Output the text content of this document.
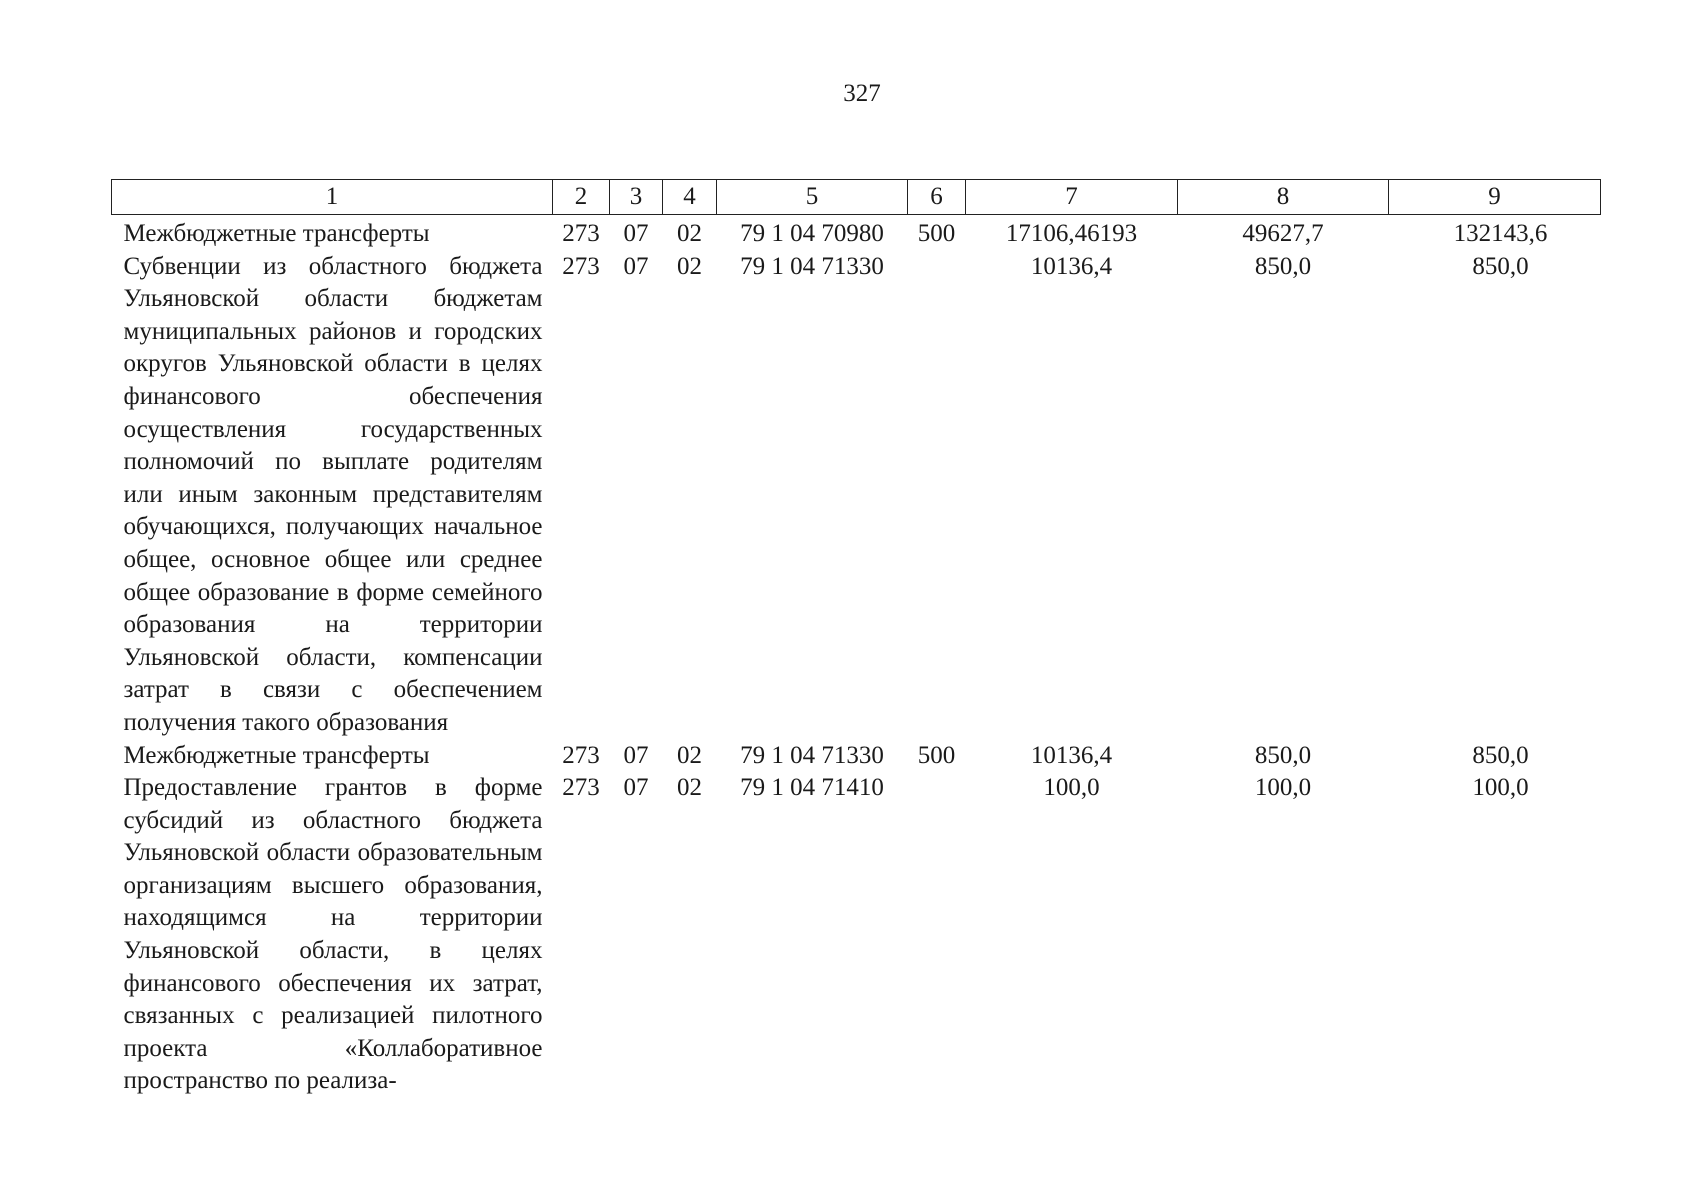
327
1	2	3	4	5	6	7	8	9
Межбюджетные трансферты	273	07	02	79 1 04 70980	500	17106,46193	49627,7	132143,6
Субвенции из областного бюджета Ульяновской области бюджетам муниципальных районов и городских округов Ульяновской области в целях финансового обеспечения осуществления государственных полномочий по выплате родителям или иным законным представителям обучающихся, получающих начальное общее, основное общее или среднее общее образование в форме семейного образования на территории Ульяновской области, компенсации затрат в связи с обеспечением получения такого образования	273	07	02	79 1 04 71330		10136,4	850,0	850,0
Межбюджетные трансферты	273	07	02	79 1 04 71330	500	10136,4	850,0	850,0
Предоставление грантов в форме субсидий из областного бюджета Ульяновской области образовательным организациям высшего образования, находящимся на территории Ульяновской области, в целях финансового обеспечения их затрат, связанных с реализацией пилотного проекта «Коллаборативное пространство по реализа-	273	07	02	79 1 04 71410		100,0	100,0	100,0
